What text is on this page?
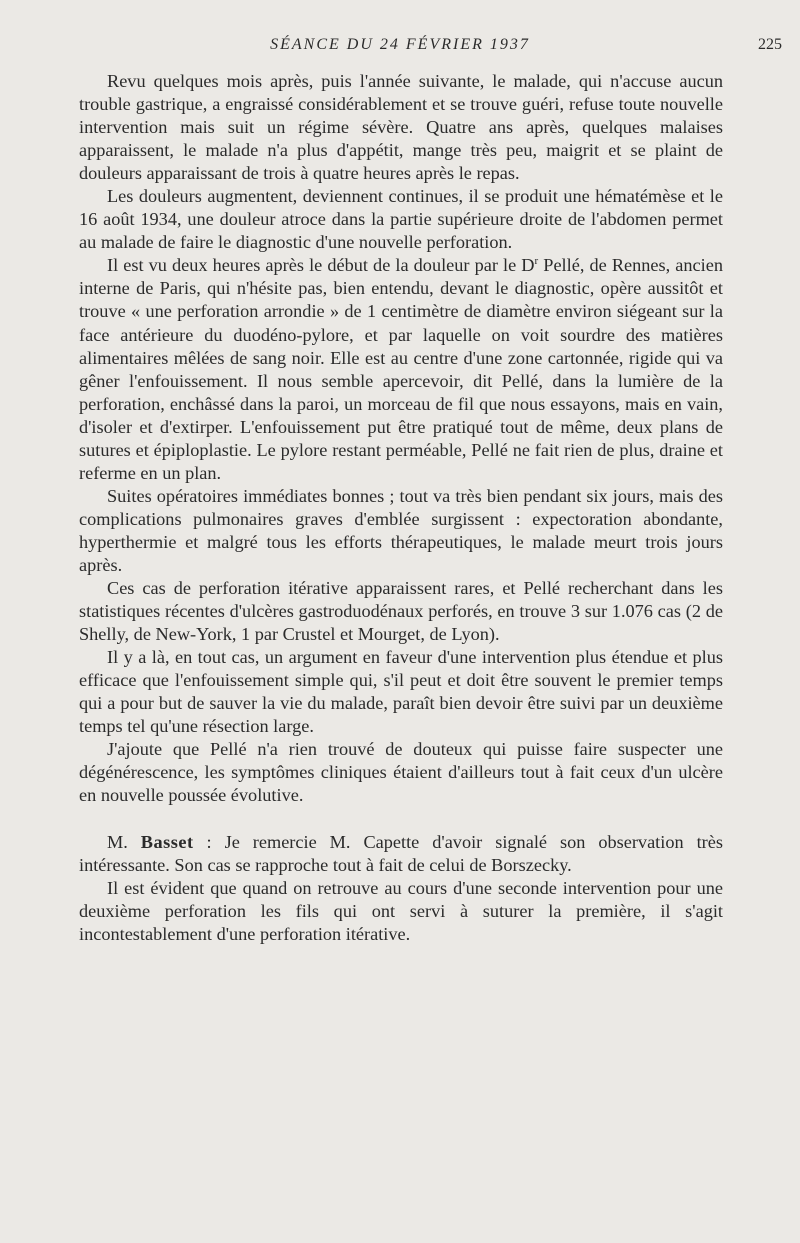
SÉANCE DU 24 FÉVRIER 1937	225

Revu quelques mois après, puis l'année suivante, le malade, qui n'accuse aucun trouble gastrique, a engraissé considérablement et se trouve guéri, refuse toute nouvelle intervention mais suit un régime sévère. Quatre ans après, quelques malaises apparaissent, le malade n'a plus d'appétit, mange très peu, maigrit et se plaint de douleurs apparaissant de trois à quatre heures après le repas.

Les douleurs augmentent, deviennent continues, il se produit une hématémèse et le 16 août 1934, une douleur atroce dans la partie supérieure droite de l'abdomen permet au malade de faire le diagnostic d'une nouvelle perforation.

Il est vu deux heures après le début de la douleur par le $D^r$ Pellé, de Rennes, ancien interne de Paris, qui n'hésite pas, bien entendu, devant le diagnostic, opère aussitôt et trouve « une perforation arrondie » de 1 centimètre de diamètre environ siégeant sur la face antérieure du duodéno-pylore, et par laquelle on voit sourdre des matières alimentaires mêlées de sang noir. Elle est au centre d'une zone cartonnée, rigide qui va gêner l'enfouissement. Il nous semble apercevoir, dit Pellé, dans la lumière de la perforation, enchâssé dans la paroi, un morceau de fil que nous essayons, mais en vain, d'isoler et d'extirper. L'enfouissement put être pratiqué tout de même, deux plans de sutures et épiploplastie. Le pylore restant perméable, Pellé ne fait rien de plus, draine et referme en un plan.

Suites opératoires immédiates bonnes ; tout va très bien pendant six jours, mais des complications pulmonaires graves d'emblée surgissent : expectoration abondante, hyperthermie et malgré tous les efforts thérapeutiques, le malade meurt trois jours après.

Ces cas de perforation itérative apparaissent rares, et Pellé recherchant dans les statistiques récentes d'ulcères gastroduodénaux perforés, en trouve 3 sur 1.076 cas (2 de Shelly, de New-York, 1 par Crustel et Mourget, de Lyon).

Il y a là, en tout cas, un argument en faveur d'une intervention plus étendue et plus efficace que l'enfouissement simple qui, s'il peut et doit être souvent le premier temps qui a pour but de sauver la vie du malade, paraît bien devoir être suivi par un deuxième temps tel qu'une résection large.

J'ajoute que Pellé n'a rien trouvé de douteux qui puisse faire suspecter une dégénérescence, les symptômes cliniques étaient d'ailleurs tout à fait ceux d'un ulcère en nouvelle poussée évolutive.

M. Basset : Je remercie M. Capette d'avoir signalé son observation très intéressante. Son cas se rapproche tout à fait de celui de Borszecky.

Il est évident que quand on retrouve au cours d'une seconde intervention pour une deuxième perforation les fils qui ont servi à suturer la première, il s'agit incontestablement d'une perforation itérative.
